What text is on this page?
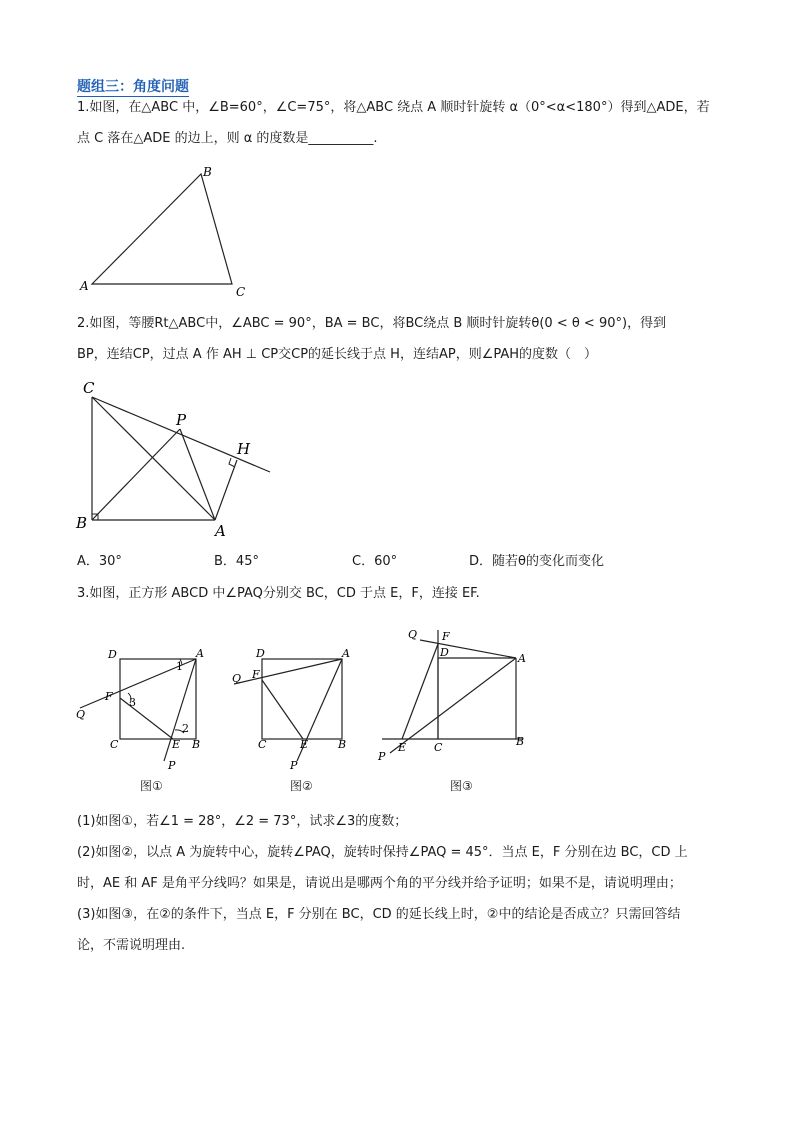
题组三：角度问题
1.如图，在△ABC 中，∠B=60°，∠C=75°，将△ABC 绕点 A 顺时针旋转 α（0°<α<180°）得到△ADE，若
点 C 落在△ADE 的边上，则 α 的度数是__________.
A
B
C
2.如图，等腰Rt△ABC中，∠ABC = 90°，BA = BC，将BC绕点 B 顺时针旋转θ(0 < θ < 90°)，得到
BP，连结CP，过点 A 作 AH ⊥ CP交CP的延长线于点 H，连结AP，则∠PAH的度数（　）
C
P
H
B	A
A．30°	B．45°	C．60°	D．随若θ的变化而变化
3.如图，正方形 ABCD 中∠PAQ分别交 BC，CD 于点 E，F，连接 EF.
D	A
F
Q
C	E B
P
1
2
3
图①
D	A
Q F
C	E	B
P
图②
Q F
D	A
E	C	B
P
图③
(1)如图①，若∠1 = 28°，∠2 = 73°，试求∠3的度数；
(2)如图②，以点 A 为旋转中心，旋转∠PAQ，旋转时保持∠PAQ = 45°．当点 E，F 分别在边 BC，CD 上
时，AE 和 AF 是角平分线吗？如果是，请说出是哪两个角的平分线并给予证明；如果不是，请说明理由；
(3)如图③，在②的条件下，当点 E，F 分别在 BC，CD 的延长线上时，②中的结论是否成立？只需回答结
论，不需说明理由.
